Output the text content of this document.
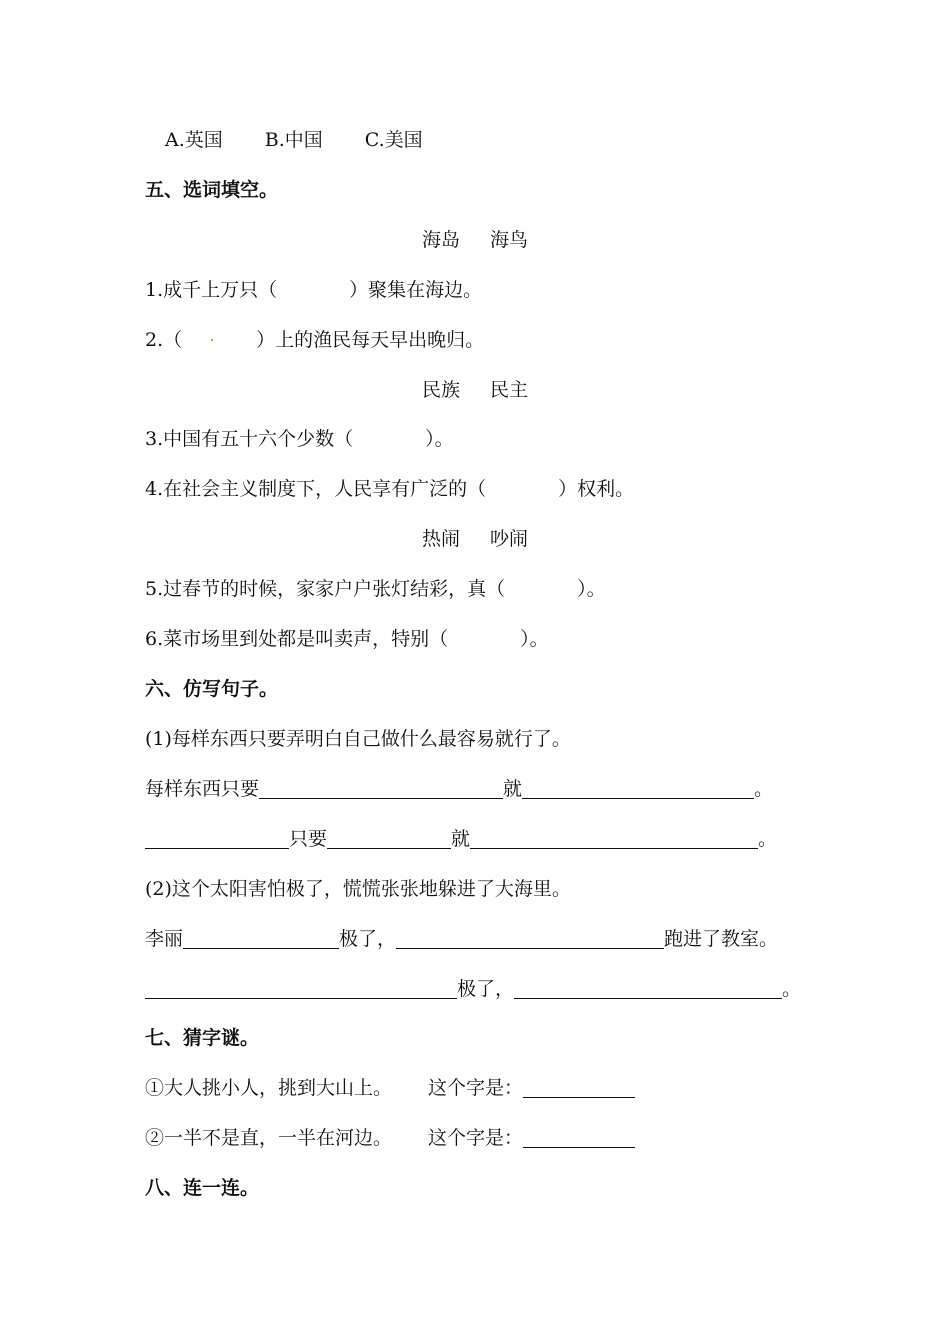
A.英国 B.中国 C.美国
五、选词填空。
海岛 海鸟
1.成千上万只（	）聚集在海边。
2.（	）上的渔民每天早出晚归。
民族 民主
3.中国有五十六个少数（	）。
4.在社会主义制度下，人民享有广泛的（	）权利。
热闹 吵闹
5.过春节的时候，家家户户张灯结彩，真（	）。
6.菜市场里到处都是叫卖声，特别（	）。
六、仿写句子。
(1)每样东西只要弄明白自己做什么最容易就行了。
每样东西只要	就	。
只要	就	。
(2)这个太阳害怕极了，慌慌张张地躲进了大海里。
李丽	极了，	跑进了教室。
极了，	。
七、猜字谜。
①大人挑小人，挑到大山上。 这个字是：
②一半不是直，一半在河边。 这个字是：
八、连一连。
